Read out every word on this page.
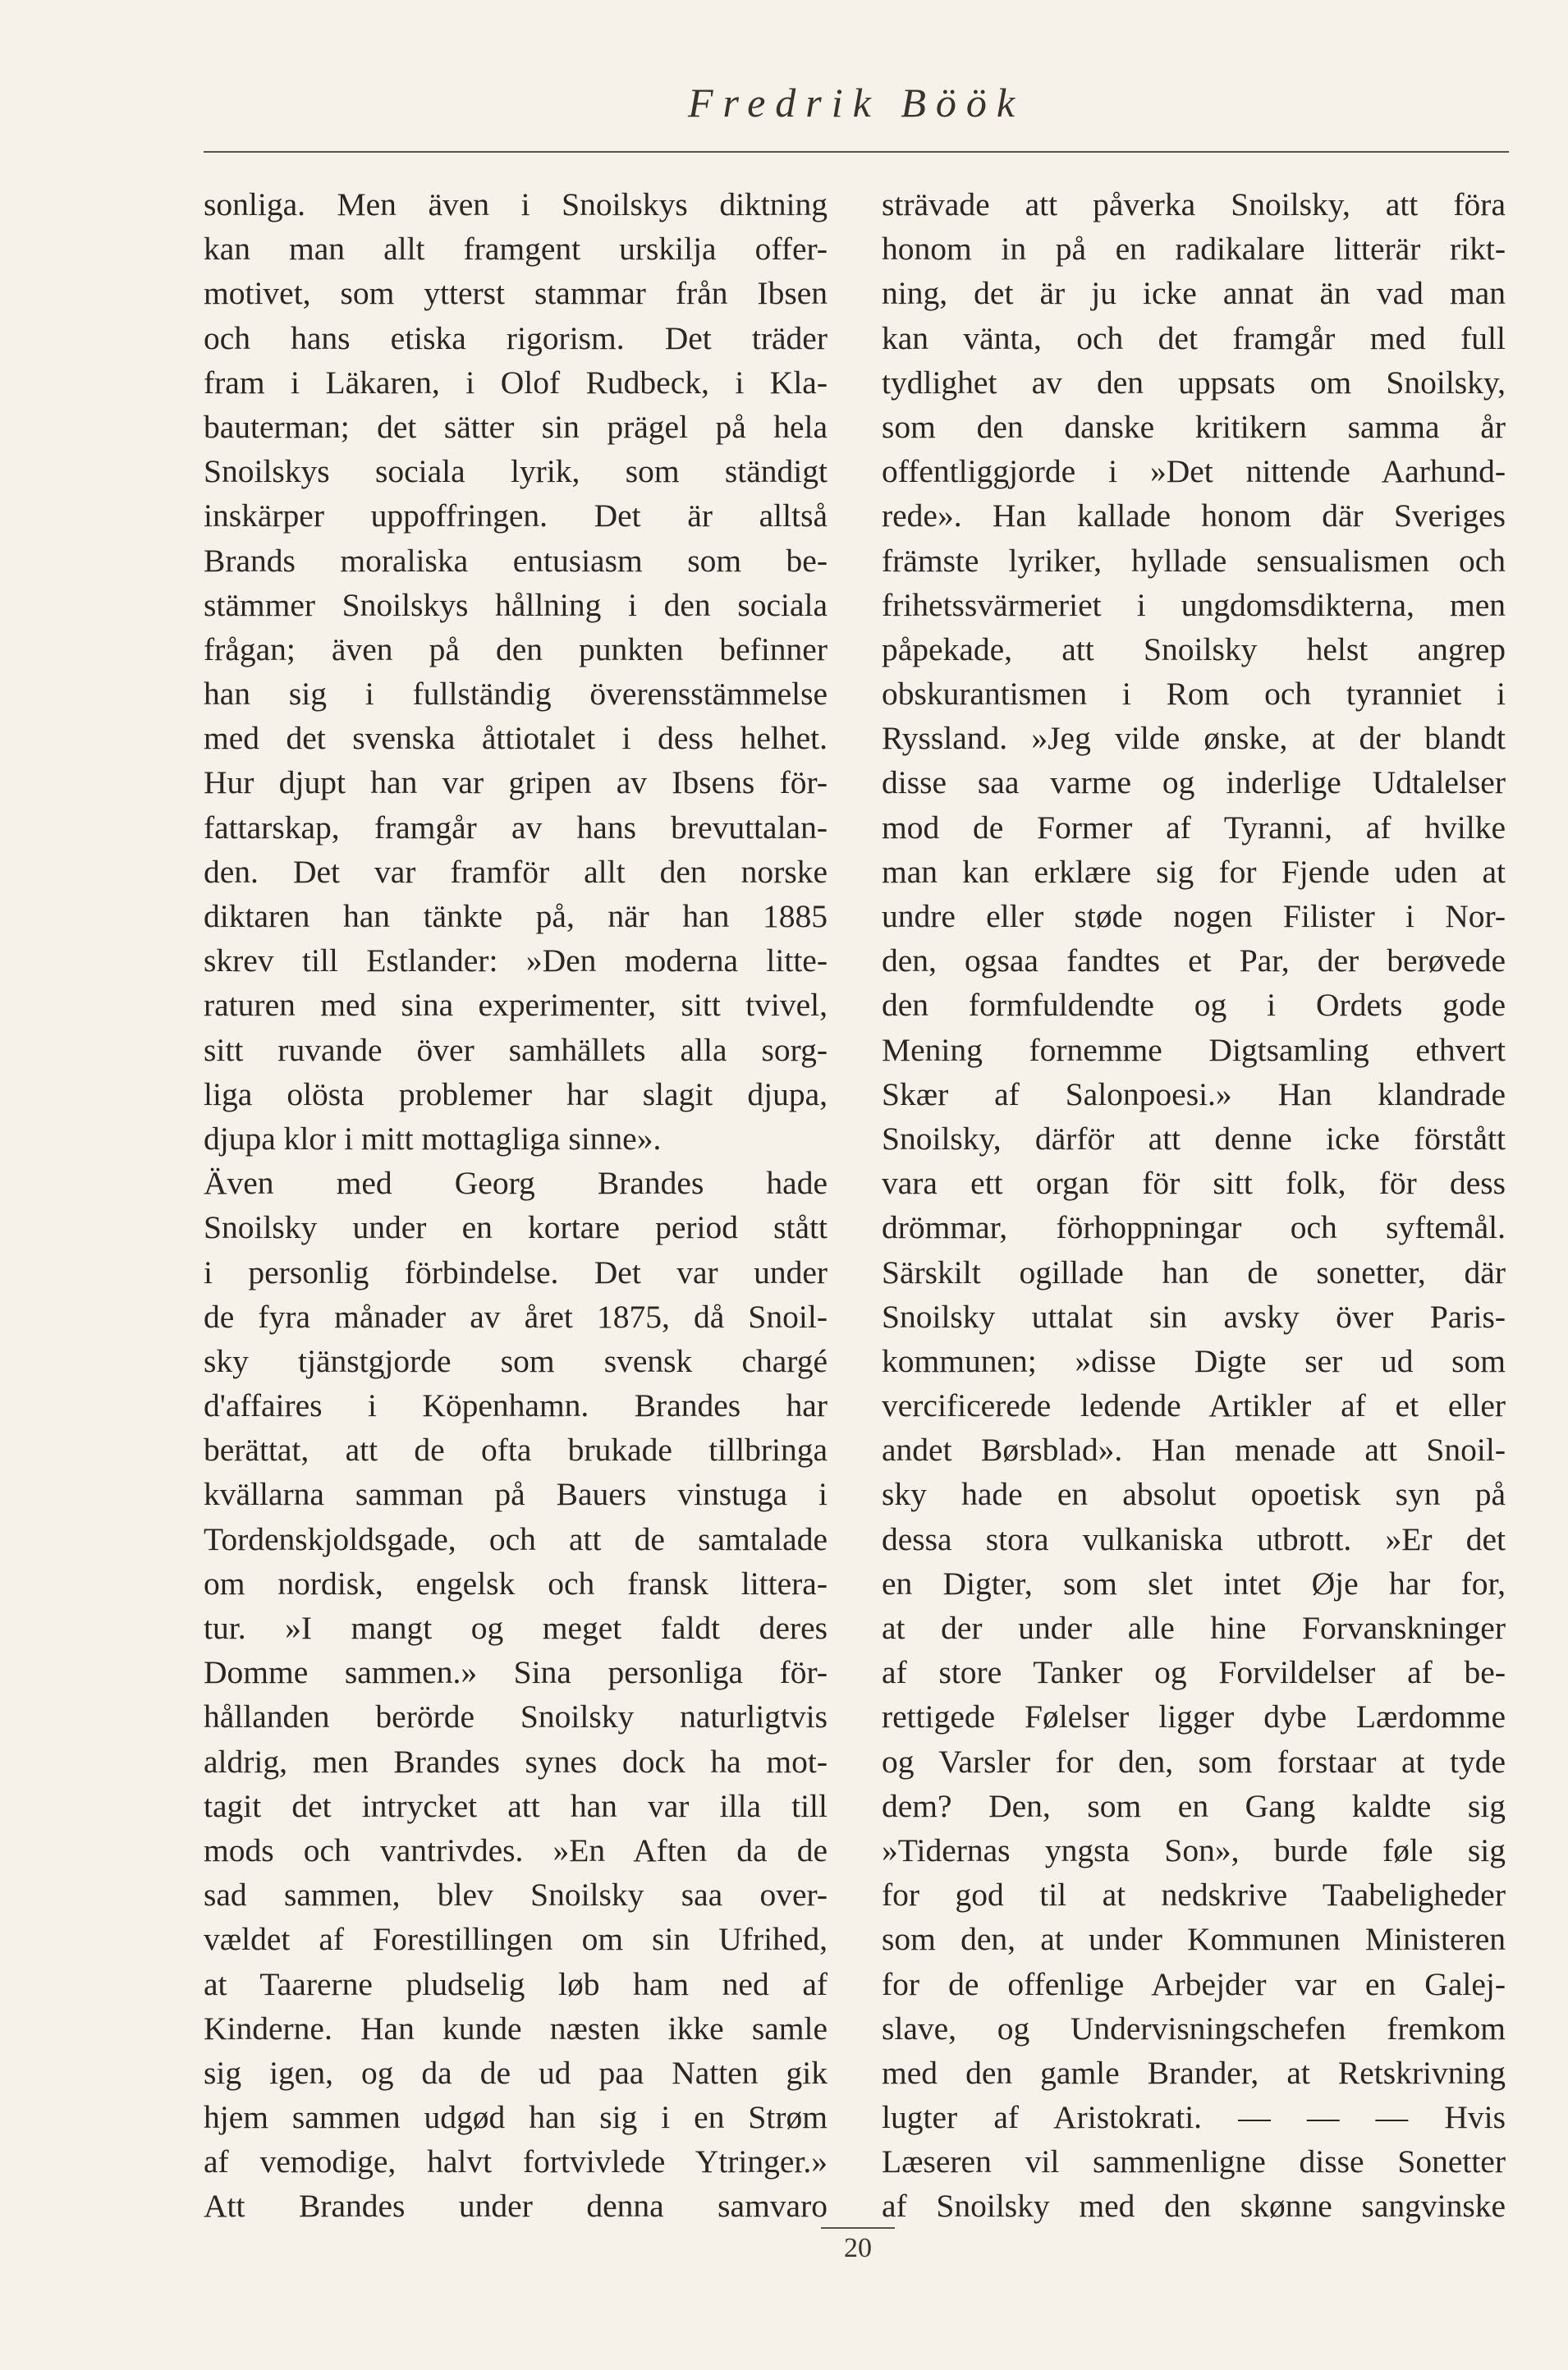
Fredrik Böök
sonliga. Men även i Snoilskys diktning
kan man allt framgent urskilja offer-
motivet, som ytterst stammar från Ibsen
och hans etiska rigorism. Det träder
fram i Läkaren, i Olof Rudbeck, i Kla-
bauterman; det sätter sin prägel på hela
Snoilskys sociala lyrik, som ständigt
inskärper uppoffringen. Det är alltså
Brands moraliska entusiasm som be-
stämmer Snoilskys hållning i den sociala
frågan; även på den punkten befinner
han sig i fullständig överensstämmelse
med det svenska åttiotalet i dess helhet.
Hur djupt han var gripen av Ibsens för-
fattarskap, framgår av hans brevuttalan-
den. Det var framför allt den norske
diktaren han tänkte på, när han 1885
skrev till Estlander: »Den moderna litte-
raturen med sina experimenter, sitt tvivel,
sitt ruvande över samhällets alla sorg-
liga olösta problemer har slagit djupa,
djupa klor i mitt mottagliga sinne».
Även med Georg Brandes hade
Snoilsky under en kortare period stått
i personlig förbindelse. Det var under
de fyra månader av året 1875, då Snoil-
sky tjänstgjorde som svensk chargé
d'affaires i Köpenhamn. Brandes har
berättat, att de ofta brukade tillbringa
kvällarna samman på Bauers vinstuga i
Tordenskjoldsgade, och att de samtalade
om nordisk, engelsk och fransk littera-
tur. »I mangt og meget faldt deres
Domme sammen.» Sina personliga för-
hållanden berörde Snoilsky naturligtvis
aldrig, men Brandes synes dock ha mot-
tagit det intrycket att han var illa till
mods och vantrivdes. »En Aften da de
sad sammen, blev Snoilsky saa over-
vældet af Forestillingen om sin Ufrihed,
at Taarerne pludselig løb ham ned af
Kinderne. Han kunde næsten ikke samle
sig igen, og da de ud paa Natten gik
hjem sammen udgød han sig i en Strøm
af vemodige, halvt fortvivlede Ytringer.»
Att Brandes under denna samvaro
strävade att påverka Snoilsky, att föra
honom in på en radikalare litterär rikt-
ning, det är ju icke annat än vad man
kan vänta, och det framgår med full
tydlighet av den uppsats om Snoilsky,
som den danske kritikern samma år
offentliggjorde i »Det nittende Aarhund-
rede». Han kallade honom där Sveriges
främste lyriker, hyllade sensualismen och
frihetssvärmeriet i ungdomsdikterna, men
påpekade, att Snoilsky helst angrep
obskurantismen i Rom och tyranniet i
Ryssland. »Jeg vilde ønske, at der blandt
disse saa varme og inderlige Udtalelser
mod de Former af Tyranni, af hvilke
man kan erklære sig for Fjende uden at
undre eller støde nogen Filister i Nor-
den, ogsaa fandtes et Par, der berøvede
den formfuldendte og i Ordets gode
Mening fornemme Digtsamling ethvert
Skær af Salonpoesi.» Han klandrade
Snoilsky, därför att denne icke förstått
vara ett organ för sitt folk, för dess
drömmar, förhoppningar och syftemål.
Särskilt ogillade han de sonetter, där
Snoilsky uttalat sin avsky över Paris-
kommunen; »disse Digte ser ud som
vercificerede ledende Artikler af et eller
andet Børsblad». Han menade att Snoil-
sky hade en absolut opoetisk syn på
dessa stora vulkaniska utbrott. »Er det
en Digter, som slet intet Øje har for,
at der under alle hine Forvanskninger
af store Tanker og Forvildelser af be-
rettigede Følelser ligger dybe Lærdomme
og Varsler for den, som forstaar at tyde
dem? Den, som en Gang kaldte sig
»Tidernas yngsta Son», burde føle sig
for god til at nedskrive Taabeligheder
som den, at under Kommunen Ministeren
for de offenlige Arbejder var en Galej-
slave, og Undervisningschefen fremkom
med den gamle Brander, at Retskrivning
lugter af Aristokrati. — — — Hvis
Læseren vil sammenligne disse Sonetter
af Snoilsky med den skønne sangvinske
20
